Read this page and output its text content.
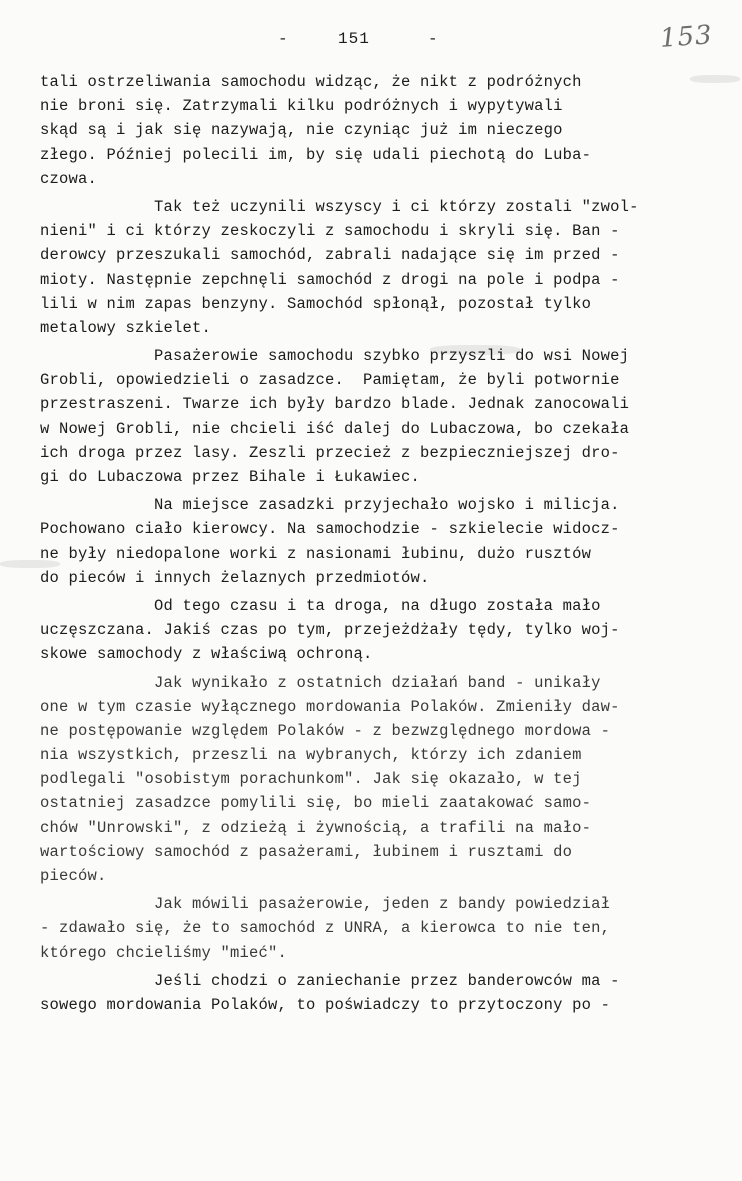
-	151	-	153
tali ostrzeliwania samochodu widząc, że nikt z podróżnych
nie broni się. Zatrzymali kilku podróżnych i wypytywali
skąd są i jak się nazywają, nie czyniąc już im nieczego
złego. Później polecili im, by się udali piechotą do Luba-
czowa.
Tak też uczynili wszyscy i ci którzy zostali "zwol-
nieni" i ci którzy zeskoczyli z samochodu i skryli się. Ban -
derowcy przeszukali samochód, zabrali nadające się im przed -
mioty. Następnie zepchnęli samochód z drogi na pole i podpa -
lili w nim zapas benzyny. Samochód spłonął, pozostał tylko
metalowy szkielet.
Pasażerowie samochodu szybko przyszli do wsi Nowej
Grobli, opowiedzieli o zasadzce.  Pamiętam, że byli potwornie
przestraszeni. Twarze ich były bardzo blade. Jednak zanocowali
w Nowej Grobli, nie chcieli iść dalej do Lubaczowa, bo czekała
ich droga przez lasy. Zeszli przecież z bezpieczniejszej dro-
gi do Lubaczowa przez Bihale i Łukawiec.
Na miejsce zasadzki przyjechało wojsko i milicja.
Pochowano ciało kierowcy. Na samochodzie - szkielecie widocz-
ne były niedopalone worki z nasionami łubinu, dużo rusztów
do pieców i innych żelaznych przedmiotów.
Od tego czasu i ta droga, na długo została mało
uczęszczana. Jakiś czas po tym, przejeżdżały tędy, tylko woj-
skowe samochody z właściwą ochroną.
Jak wynikało z ostatnich działań band - unikały
one w tym czasie wyłącznego mordowania Polaków. Zmieniły daw-
ne postępowanie względem Polaków - z bezwzględnego mordowa -
nia wszystkich, przeszli na wybranych, którzy ich zdaniem
podlegali "osobistym porachunkom". Jak się okazało, w tej
ostatniej zasadzce pomylili się, bo mieli zaatakować samo-
chów "Unrowski", z odzieżą i żywnością, a trafili na mało-
wartościowy samochód z pasażerami, łubinem i rusztami do
pieców.
Jak mówili pasażerowie, jeden z bandy powiedział
- zdawało się, że to samochód z UNRA, a kierowca to nie ten,
którego chcieliśmy "mieć".
Jeśli chodzi o zaniechanie przez banderowców ma -
sowego mordowania Polaków, to poświadczy to przytoczony po -
